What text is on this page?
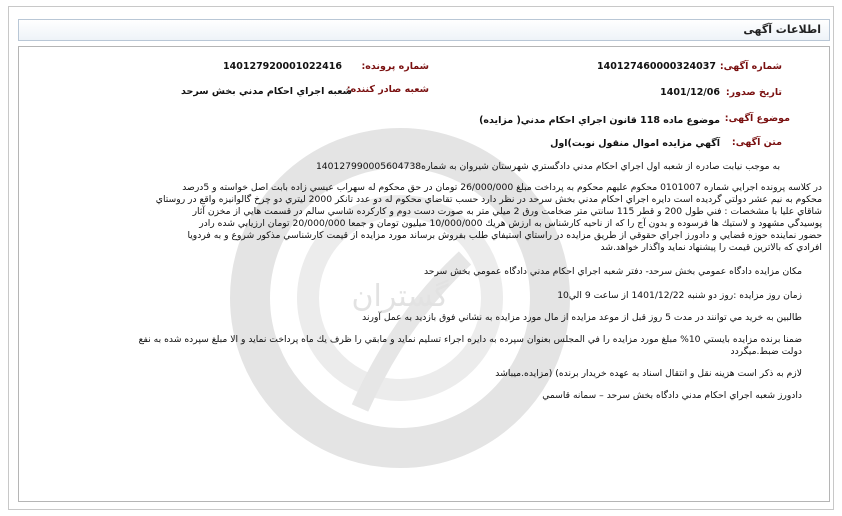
اطلاعات آگهی
گستران
شماره آگهی:
140127460000324037
شماره پرونده:
140127920001022416
تاریخ صدور:
1401/12/06
شعبه صادر کننده:
شعبه اجراي احكام مدني بخش سرحد
موضوع آگهی:
موضوع ماده 118 قانون اجراي احكام مدني( مزايده)
متن آگهی:
آگهي مزايده اموال منقول نوبت)اول
به موجب نيابت صادره از شعبه اول اجراي احكام مدني دادگستري شهرستان شيروان به شماره140127990005604738
در كلاسه پرونده اجرايي شماره 0101007 محكوم عليهم محكوم به پرداخت مبلغ 26/000/000 تومان در حق محكوم له سهراب عيسي زاده بابت اصل خواسته و 5درصد
محكوم به نيم عشر دولتي گرديده است دايره اجراي احكام مدني بخش سرحد در نظر دارد حسب تقاضاي محكوم له دو عدد تانكر 2000 ليتري دو چرخ گالوانيزه واقع در روستاي
شاقاي عليا با مشخصات : فني طول 200 و قطر 115 سانتي متر ضخامت ورق 2 ميلي متر به صورت دست دوم و كاركرده شاسي سالم در قسمت هايي از مخزن آثار
پوسيدگي مشهود و لاستيك ها فرسوده و بدون آج را كه از ناحيه كارشناس به ارزش هريك 10/000/000 ميليون تومان و جمعا 20/000/000 تومان ارزيابي شده رادر
حضور نماينده حوزه قضايي و دادورز اجراي حقوقي از طريق مزايده در راستاي استيفاي طلب بفروش برساند مورد مزايده از قيمت كارشناسي مذكور شروع و به فردويا
افرادي كه بالاترين قيمت را پيشنهاد نمايد واگذار خواهد.شد
مكان مزايده دادگاه عمومي بخش سرحد- دفتر شعبه اجراي احكام مدني دادگاه عمومي بخش سرحد
زمان روز مزايده :روز دو شنبه 1401/12/22 از ساعت 9 الي10
طالبين به خريد مي توانند در مدت 5 روز قبل از موعد مزايده از مال مورد مزايده به نشاني فوق بازديد به عمل آورند
ضمنا برنده مزايده بايستي 10% مبلغ مورد مزايده را في المجلس بعنوان سپرده به دايره اجراء تسليم نمايد و مابقي را ظرف يك ماه پرداخت نمايد و الا مبلغ سپرده شده به نفع
دولت ضبط.ميگردد
لازم به ذكر است هزينه نقل و انتقال اسناد به عهده خريدار برنده) (مزايده.ميباشد
دادورز شعبه اجراي احكام مدني دادگاه بخش سرحد – سمانه قاسمي
